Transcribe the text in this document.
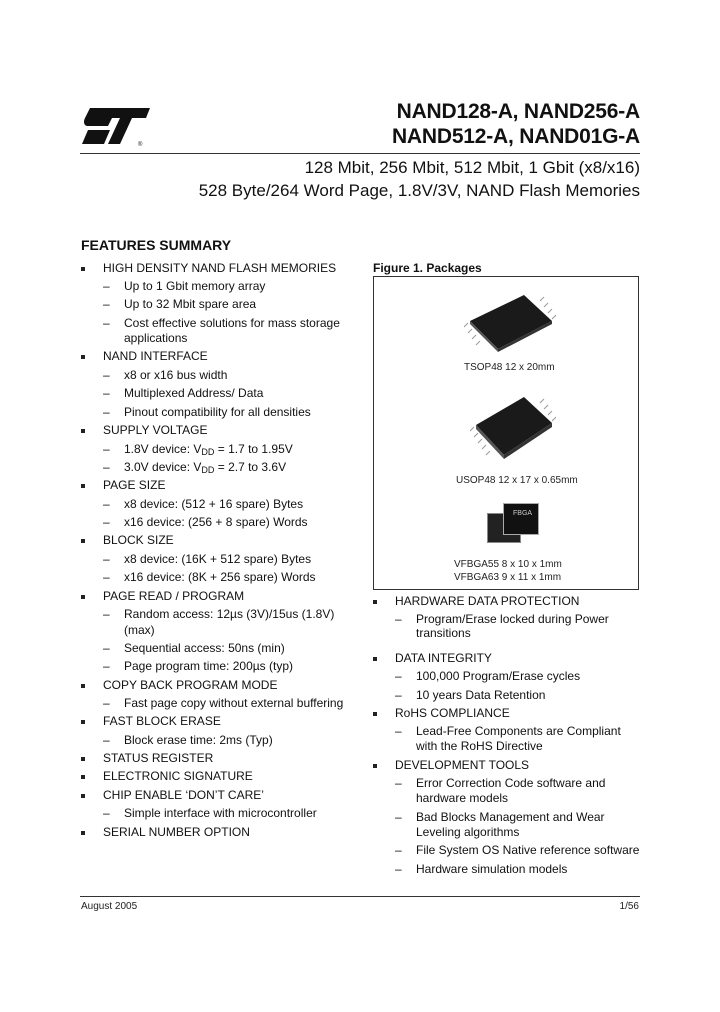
®
NAND128-A, NAND256-A
NAND512-A, NAND01G-A
128 Mbit, 256 Mbit, 512 Mbit, 1 Gbit (x8/x16)
528 Byte/264 Word Page, 1.8V/3V, NAND Flash Memories
FEATURES SUMMARY
HIGH DENSITY NAND FLASH MEMORIES
– Up to 1 Gbit memory array
– Up to 32 Mbit spare area
– Cost effective solutions for mass storage
applications
NAND INTERFACE
– x8 or x16 bus width
– Multiplexed Address/ Data
– Pinout compatibility for all densities
SUPPLY VOLTAGE
– 1.8V device: $V_{DD} = 1.7$ to 1.95V
– 3.0V device: $V_{DD} = 2.7$ to 3.6V
PAGE SIZE
– x8 device: (512 + 16 spare) Bytes
– x16 device: (256 + 8 spare) Words
BLOCK SIZE
– x8 device: (16K + 512 spare) Bytes
– x16 device: (8K + 256 spare) Words
PAGE READ / PROGRAM
– Random access: 12µs (3V)/15us (1.8V)
(max)
– Sequential access: 50ns (min)
– Page program time: 200µs (typ)
COPY BACK PROGRAM MODE
– Fast page copy without external buffering
FAST BLOCK ERASE
– Block erase time: 2ms (Typ)
STATUS REGISTER
ELECTRONIC SIGNATURE
CHIP ENABLE ‘DON’T CARE’
– Simple interface with microcontroller
SERIAL NUMBER OPTION
Figure 1. Packages
TSOP48 12 x 20mm
USOP48 12 x 17 x 0.65mm
FBGA
VFBGA55 8 x 10 x 1mm
VFBGA63 9 x 11 x 1mm
HARDWARE DATA PROTECTION
– Program/Erase locked during Power
transitions
DATA INTEGRITY
– 100,000 Program/Erase cycles
– 10 years Data Retention
RoHS COMPLIANCE
– Lead-Free Components are Compliant
with the RoHS Directive
DEVELOPMENT TOOLS
– Error Correction Code software and
hardware models
– Bad Blocks Management and Wear
Leveling algorithms
– File System OS Native reference software
– Hardware simulation models
August 2005	1/56
